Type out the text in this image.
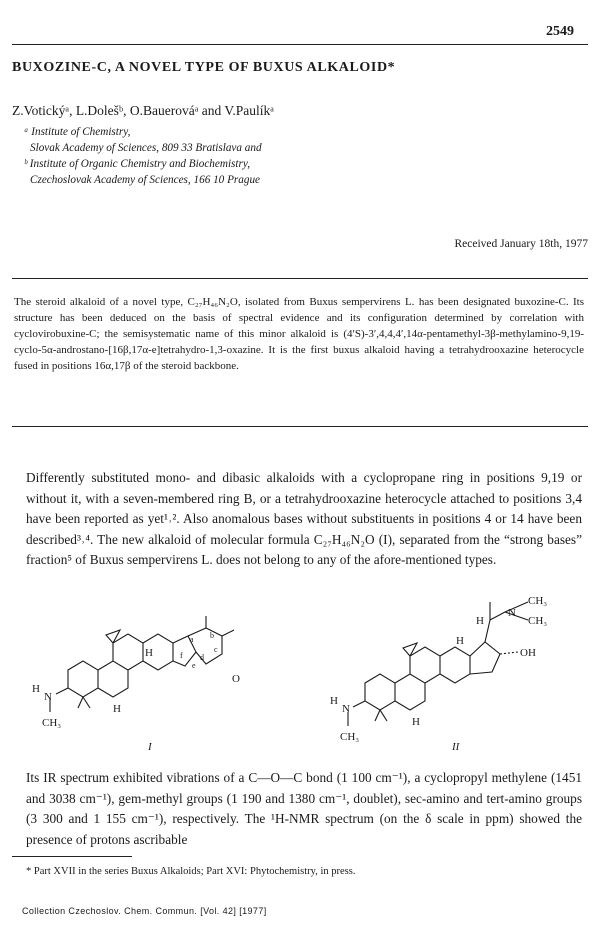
2549
BUXOZINE-C, A NOVEL TYPE OF BUXUS ALKALOID*
Z.Votickýᵃ, L.Dolešᵇ, O.Bauerováᵃ and V.Paulíkᵃ
ᵃ Institute of Chemistry,
Slovak Academy of Sciences, 809 33 Bratislava and
ᵇ Institute of Organic Chemistry and Biochemistry,
Czechoslovak Academy of Sciences, 166 10 Prague
Received January 18th, 1977

The steroid alkaloid of a novel type, C₂₇H₄₆N₂O, isolated from Buxus sempervirens L. has been designated buxozine-C. Its structure has been deduced on the basis of spectral evidence and its configuration determined by correlation with cyclovirobuxine-C; the semisystematic name of this minor alkaloid is (4′S)-3′,4,4,4′,14α-pentamethyl-3β-methylamino-9,19-cyclo-5α-androstano-[16β,17α-e]tetrahydro-1,3-oxazine. It is the first buxus alkaloid having a tetrahydrooxazine heterocycle fused in positions 16α,17β of the steroid backbone.

Differently substituted mono- and dibasic alkaloids with a cyclopropane ring in positions 9,19 or without it, with a seven-membered ring B, or a tetrahydrooxazine heterocycle attached to positions 3,4 have been reported as yet¹˒². Also anomalous bases without substituents in positions 4 or 14 have been described³˒⁴. The new alkaloid of molecular formula C₂₇H₄₆N₂O (I), separated from the “strong bases” fraction⁵ of Buxus sempervirens L. does not belong to any of the afore-mentioned types.

H
N
CH₃
H
H
O
a b
c
d
e
f
I
H
N
CH₃
CH₃
OH
H
H
N
CH₃
H
II

Its IR spectrum exhibited vibrations of a C—O—C bond (1 100 cm⁻¹), a cyclopropyl methylene (1451 and 3038 cm⁻¹), gem-methyl groups (1 190 and 1380 cm⁻¹, doublet), sec-amino and tert-amino groups (3 300 and 1 155 cm⁻¹), respectively. The ¹H-NMR spectrum (on the δ scale in ppm) showed the presence of protons ascribable

* Part XVII in the series Buxus Alkaloids; Part XVI: Phytochemistry, in press.
Collection Czechoslov. Chem. Commun. [Vol. 42] [1977]
